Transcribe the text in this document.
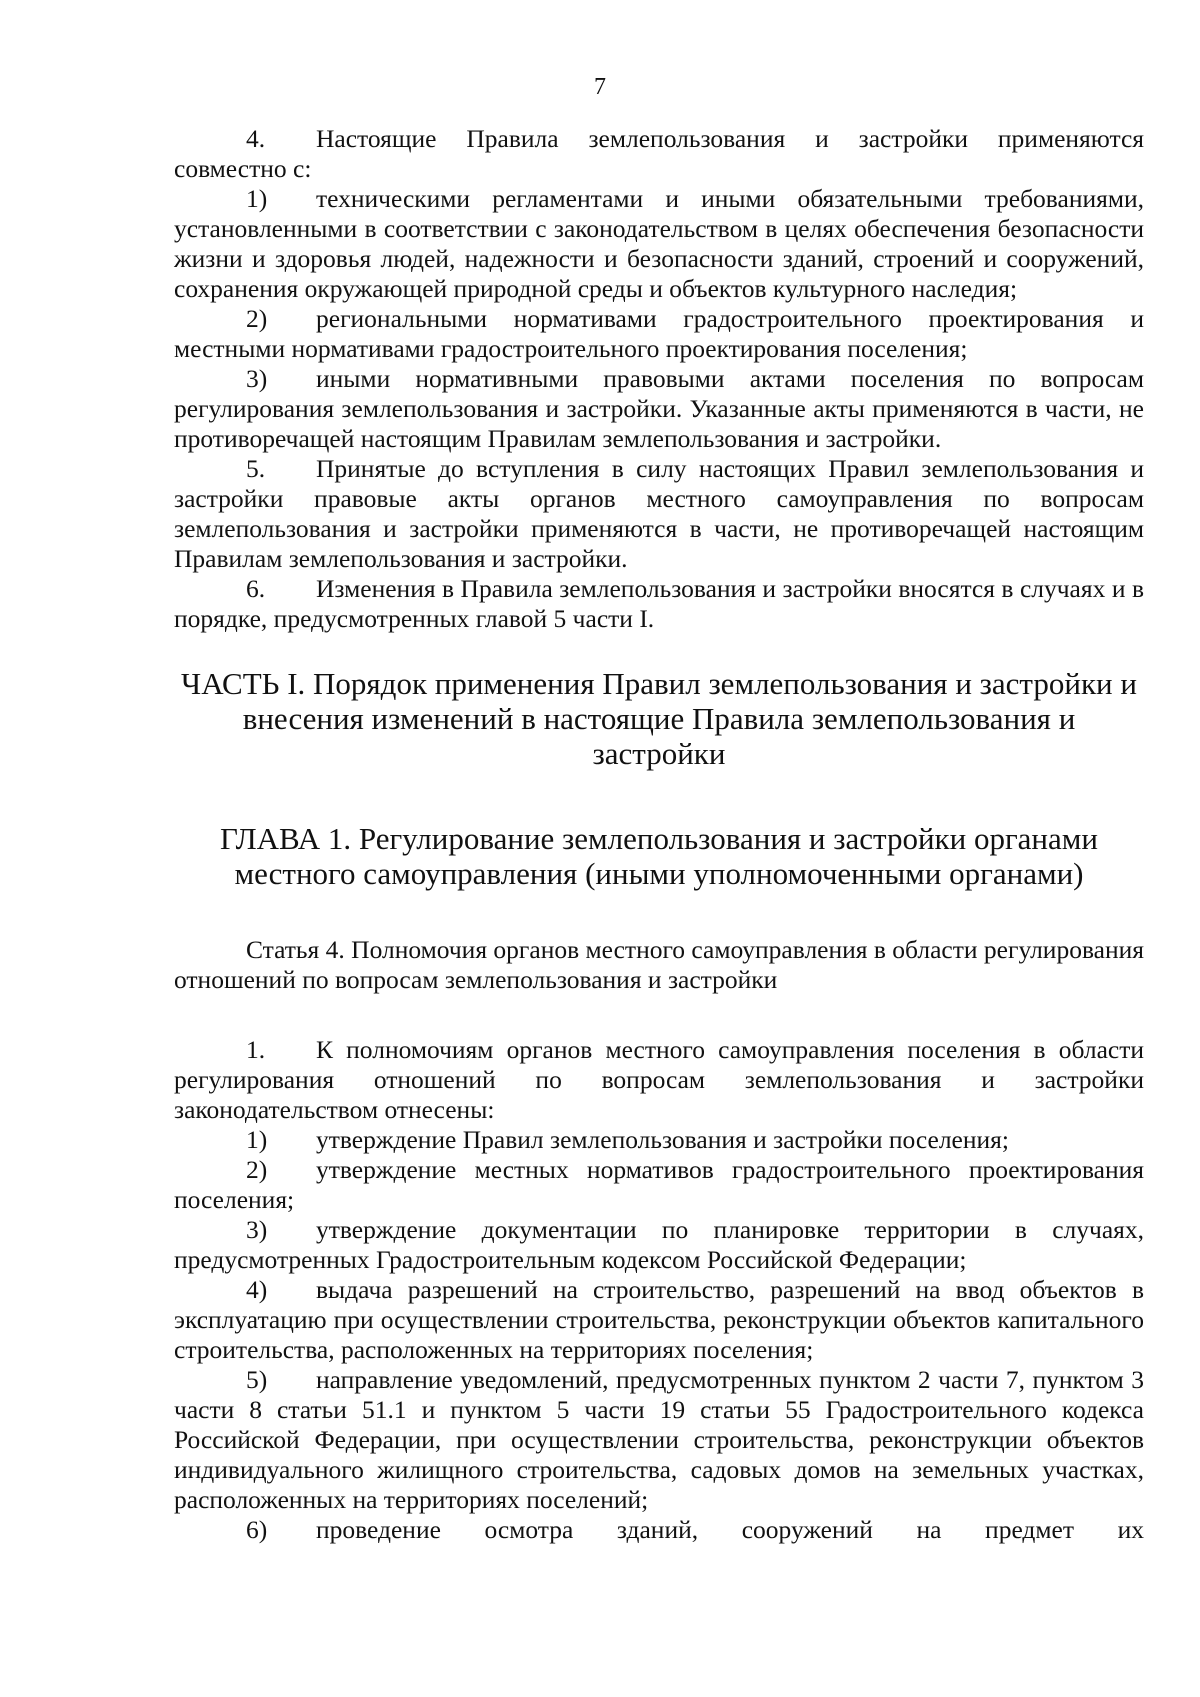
7

4. Настоящие Правила землепользования и застройки применяются совместно с:

1) техническими регламентами и иными обязательными требованиями, установленными в соответствии с законодательством в целях обеспечения безопасности жизни и здоровья людей, надежности и безопасности зданий, строений и сооружений, сохранения окружающей природной среды и объектов культурного наследия;

2) региональными нормативами градостроительного проектирования и местными нормативами градостроительного проектирования поселения;

3) иными нормативными правовыми актами поселения по вопросам регулирования землепользования и застройки. Указанные акты применяются в части, не противоречащей настоящим Правилам землепользования и застройки.

5. Принятые до вступления в силу настоящих Правил землепользования и застройки правовые акты органов местного самоуправления по вопросам землепользования и застройки применяются в части, не противоречащей настоящим Правилам землепользования и застройки.

6. Изменения в Правила землепользования и застройки вносятся в случаях и в порядке, предусмотренных главой 5 части I.

ЧАСТЬ I. Порядок применения Правил землепользования и застройки и внесения изменений в настоящие Правила землепользования и застройки

ГЛАВА 1. Регулирование землепользования и застройки органами местного самоуправления (иными уполномоченными органами)

Статья 4. Полномочия органов местного самоуправления в области регулирования отношений по вопросам землепользования и застройки

1. К полномочиям органов местного самоуправления поселения в области регулирования отношений по вопросам землепользования и застройки законодательством отнесены:

1) утверждение Правил землепользования и застройки поселения;

2) утверждение местных нормативов градостроительного проектирования поселения;

3) утверждение документации по планировке территории в случаях, предусмотренных Градостроительным кодексом Российской Федерации;

4) выдача разрешений на строительство, разрешений на ввод объектов в эксплуатацию при осуществлении строительства, реконструкции объектов капитального строительства, расположенных на территориях поселения;

5) направление уведомлений, предусмотренных пунктом 2 части 7, пунктом 3 части 8 статьи 51.1 и пунктом 5 части 19 статьи 55 Градостроительного кодекса Российской Федерации, при осуществлении строительства, реконструкции объектов индивидуального жилищного строительства, садовых домов на земельных участках, расположенных на территориях поселений;

6) проведение осмотра зданий, сооружений на предмет их
